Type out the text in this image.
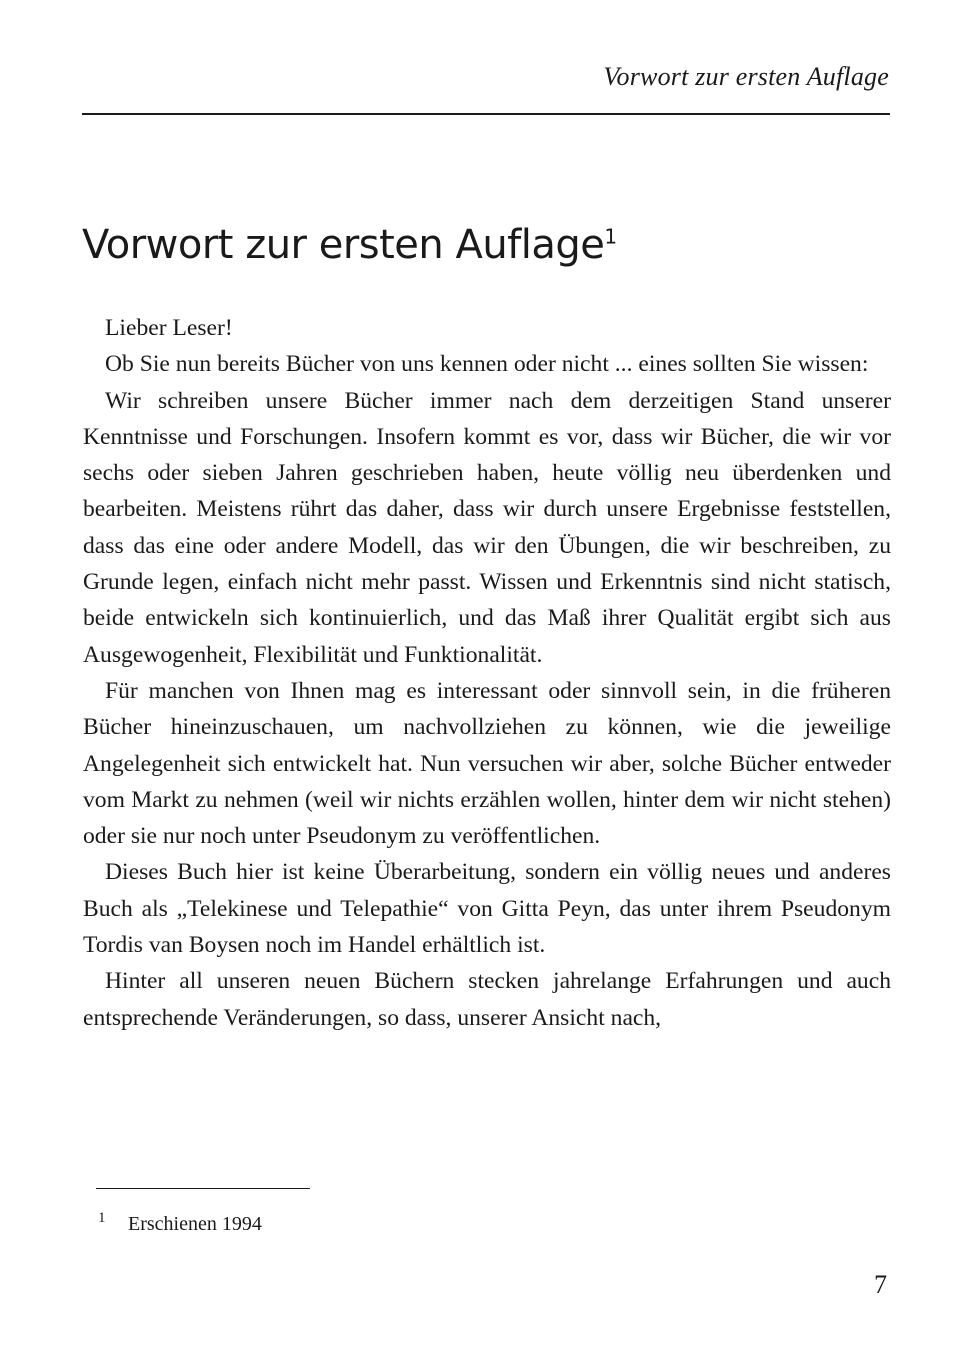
Vorwort zur ersten Auflage
Vorwort zur ersten Auflage$^1$

Lieber Leser!

Ob Sie nun bereits Bücher von uns kennen oder nicht ... eines sollten Sie wissen:

Wir schreiben unsere Bücher immer nach dem derzeitigen Stand unserer Kenntnisse und Forschungen. Insofern kommt es vor, dass wir Bücher, die wir vor sechs oder sieben Jahren geschrieben haben, heute völlig neu überdenken und bearbeiten. Meistens rührt das daher, dass wir durch unsere Ergebnisse feststellen, dass das eine oder andere Modell, das wir den Übungen, die wir beschreiben, zu Grunde legen, einfach nicht mehr passt. Wissen und Erkenntnis sind nicht statisch, beide entwickeln sich kontinuierlich, und das Maß ihrer Qualität ergibt sich aus Ausgewogenheit, Flexibilität und Funktionalität.

Für manchen von Ihnen mag es interessant oder sinnvoll sein, in die früheren Bücher hineinzuschauen, um nachvollziehen zu können, wie die jeweilige Angelegenheit sich entwickelt hat. Nun versuchen wir aber, solche Bücher entweder vom Markt zu nehmen (weil wir nichts erzählen wollen, hinter dem wir nicht stehen) oder sie nur noch unter Pseudonym zu veröffentlichen.

Dieses Buch hier ist keine Überarbeitung, sondern ein völlig neues und anderes Buch als „Telekinese und Telepathie“ von Gitta Peyn, das unter ihrem Pseudonym Tordis van Boysen noch im Handel erhältlich ist.

Hinter all unseren neuen Büchern stecken jahrelange Erfahrungen und auch entsprechende Veränderungen, so dass, unserer Ansicht nach,

1 Erschienen 1994
7
